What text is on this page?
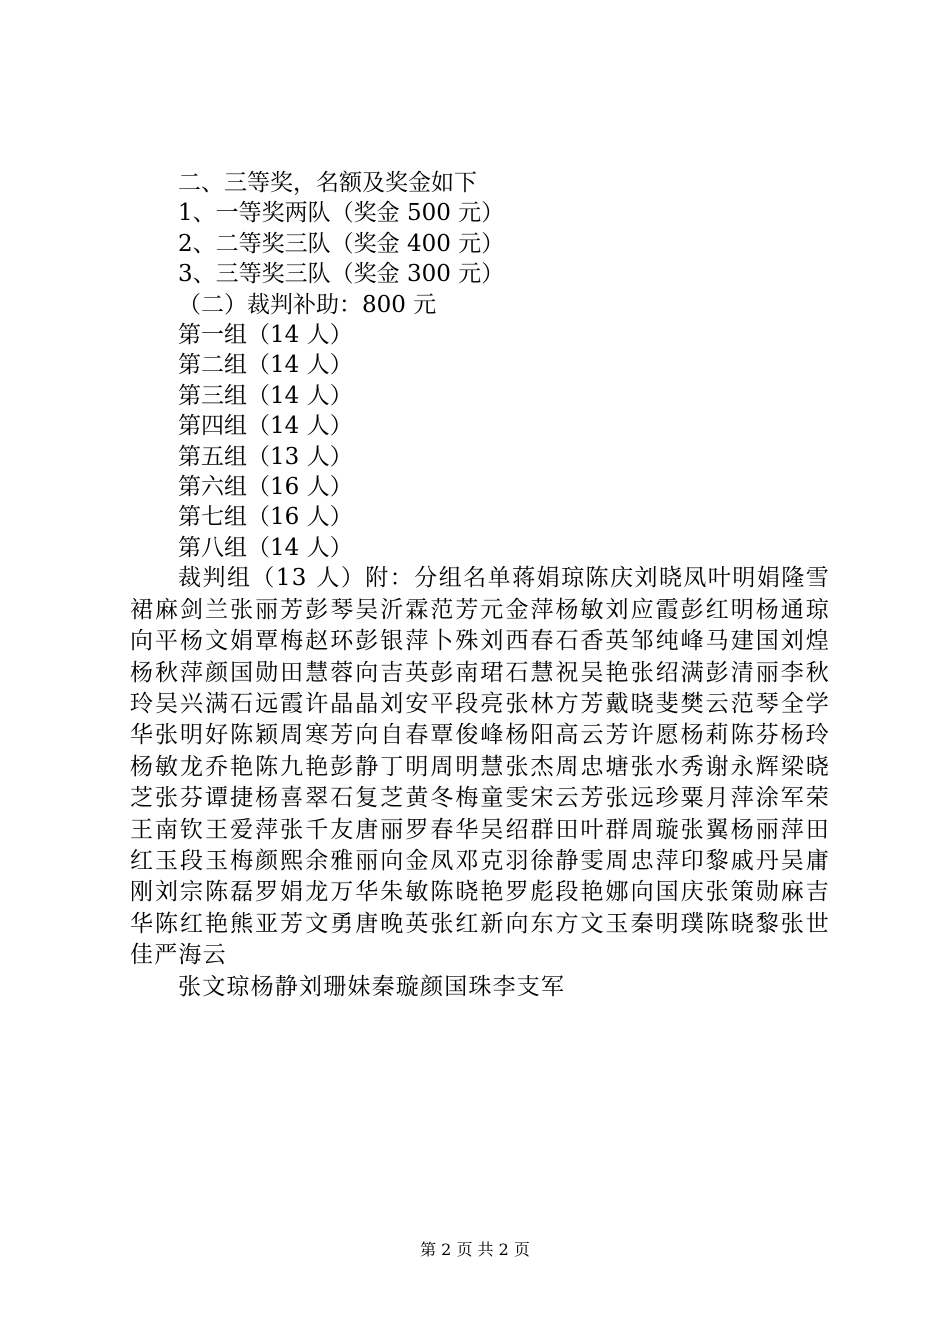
二、三等奖，名额及奖金如下
1、一等奖两队（奖金 500 元）
2、二等奖三队（奖金 400 元）
3、三等奖三队（奖金 300 元）
（二）裁判补助：800 元
第一组（14 人）
第二组（14 人）
第三组（14 人）
第四组（14 人）
第五组（13 人）
第六组（16 人）
第七组（16 人）
第八组（14 人）

裁判组（13 人）附：分组名单蒋娟琼陈庆刘晓凤叶明娟隆雪裙麻剑兰张丽芳彭琴吴沂霖范芳元金萍杨敏刘应霞彭红明杨通琼向平杨文娟覃梅赵环彭银萍卜殊刘西春石香英邹纯峰马建国刘煌杨秋萍颜国勋田慧蓉向吉英彭南珺石慧祝吴艳张绍满彭清丽李秋玲吴兴满石远霞许晶晶刘安平段亮张林方芳戴晓斐樊云范琴全学华张明好陈颖周寒芳向自春覃俊峰杨阳高云芳许愿杨莉陈芬杨玲杨敏龙乔艳陈九艳彭静丁明周明慧张杰周忠塘张水秀谢永辉梁晓芝张芬谭捷杨喜翠石复芝黄冬梅童雯宋云芳张远珍粟月萍涂军荣王南钦王爱萍张千友唐丽罗春华吴绍群田叶群周璇张翼杨丽萍田红玉段玉梅颜熙余雅丽向金凤邓克羽徐静雯周忠萍印黎戚丹吴庸刚刘宗陈磊罗娟龙万华朱敏陈晓艳罗彪段艳娜向国庆张策勋麻吉华陈红艳熊亚芳文勇唐晚英张红新向东方文玉秦明璞陈晓黎张世佳严海云

张文琼杨静刘珊妹秦璇颜国珠李支军

第 2 页 共 2 页
